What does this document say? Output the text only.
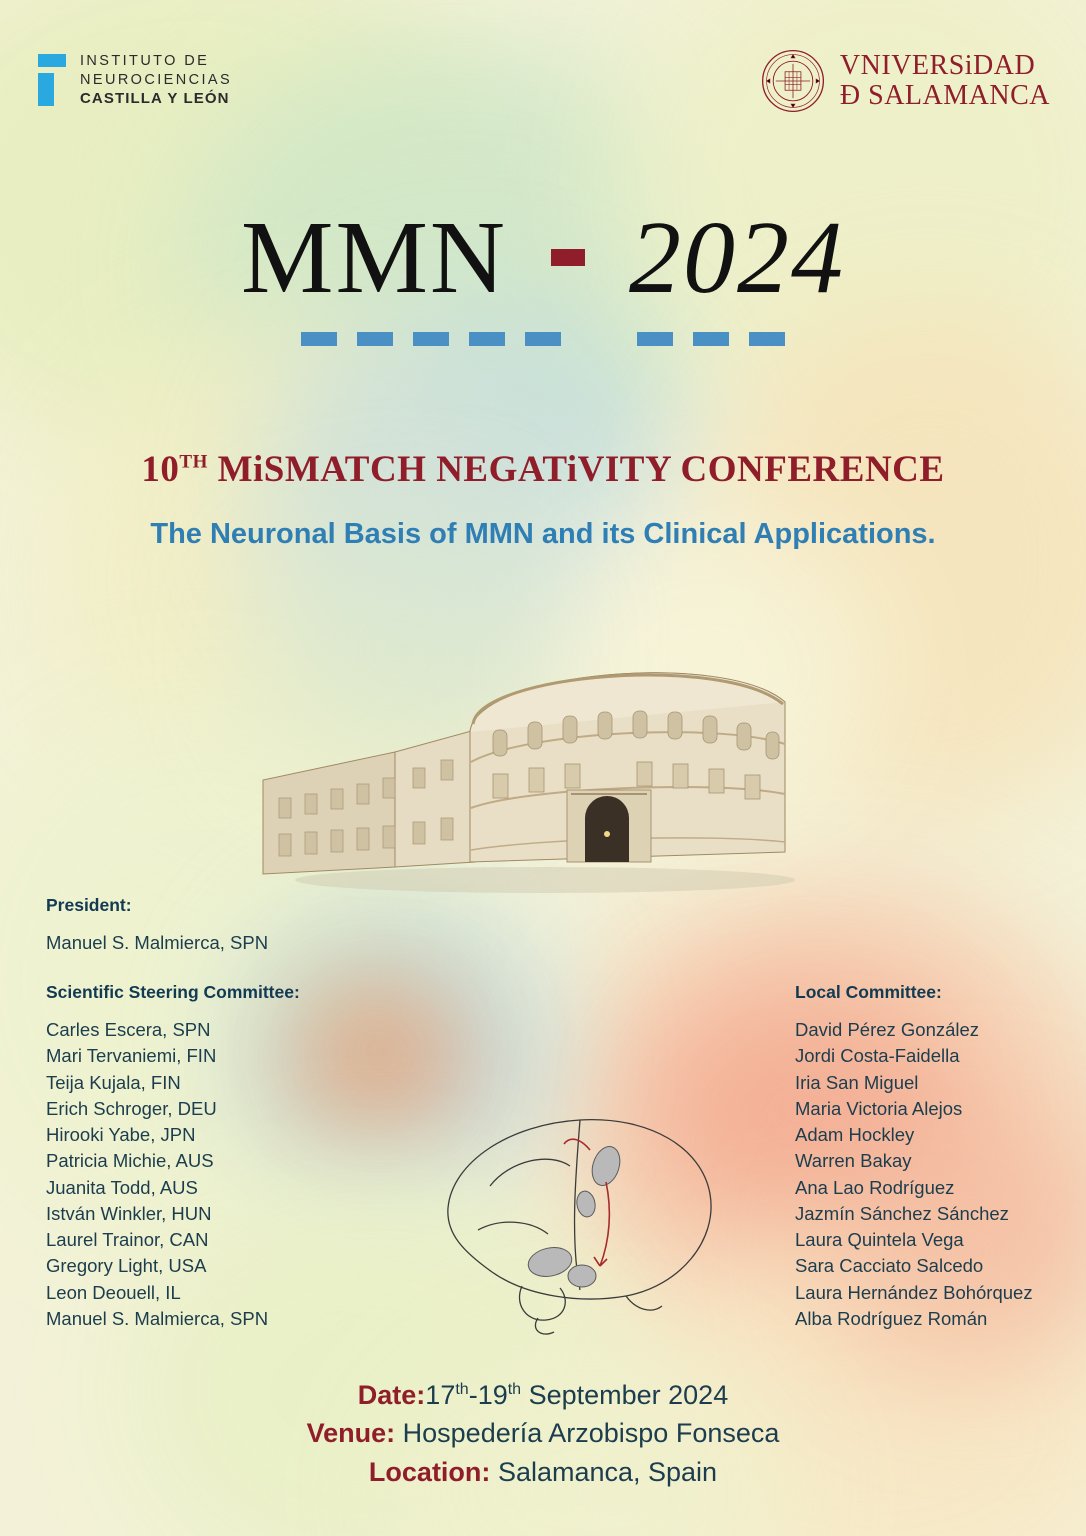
INSTITUTO DE
NEUROCIENCIAS
CASTILLA Y LEÓN
VNIVERSiDAD
Ð SALAMANCA
MMN 2024
10TH MiSMATCH NEGATiVITY CONFERENCE
The Neuronal Basis of MMN and its Clinical Applications.
President:
Manuel S. Malmierca, SPN
Scientific Steering Committee:
Carles Escera, SPN
Mari Tervaniemi, FIN
Teija Kujala, FIN
Erich Schroger, DEU
Hirooki Yabe, JPN
Patricia Michie, AUS
Juanita Todd, AUS
István Winkler, HUN
Laurel Trainor, CAN
Gregory Light, USA
Leon Deouell, IL
Manuel S. Malmierca, SPN
Local Committee:
David Pérez González
Jordi Costa-Faidella
Iria San Miguel
Maria Victoria Alejos
Adam Hockley
Warren Bakay
Ana Lao Rodríguez
Jazmín Sánchez Sánchez
Laura Quintela Vega
Sara Cacciato Salcedo
Laura Hernández Bohórquez
Alba Rodríguez Román
Date:17th-19th September 2024
Venue: Hospedería Arzobispo Fonseca
Location: Salamanca, Spain
